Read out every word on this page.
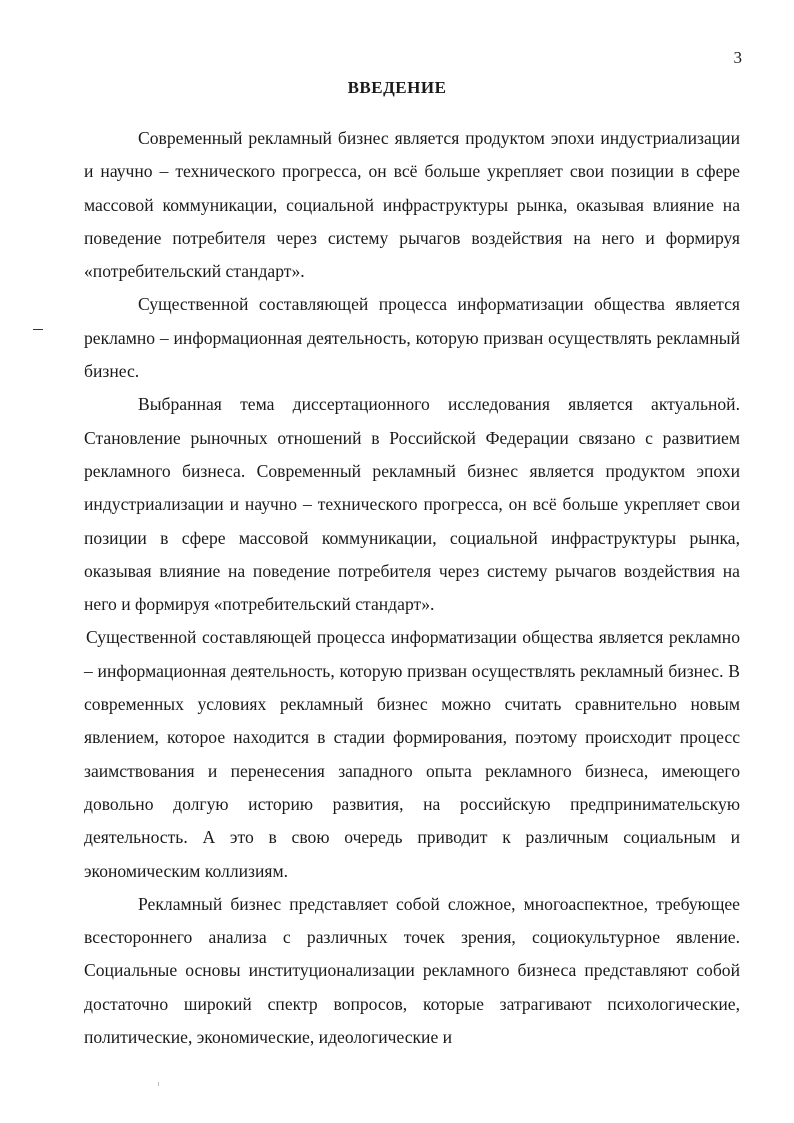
3
ВВЕДЕНИЕ

Современный рекламный бизнес является продуктом эпохи индустриализации и научно – технического прогресса, он всё больше укрепляет свои позиции в сфере массовой коммуникации, социальной инфраструктуры рынка, оказывая влияние на поведение потребителя через систему рычагов воздействия на него и формируя «потребительский стандарт».

Существенной составляющей процесса информатизации общества является рекламно – информационная деятельность, которую призван осуществлять рекламный бизнес.

Выбранная тема диссертационного исследования является актуальной. Становление рыночных отношений в Российской Федерации связано с развитием рекламного бизнеса. Современный рекламный бизнес является продуктом эпохи индустриализации и научно – технического прогресса, он всё больше укрепляет свои позиции в сфере массовой коммуникации, социальной инфраструктуры рынка, оказывая влияние на поведение потребителя через систему рычагов воздействия на него и формируя «потребительский стандарт».

Существенной составляющей процесса информатизации общества является рекламно – информационная деятельность, которую призван осуществлять рекламный бизнес. В современных условиях рекламный бизнес можно считать сравнительно новым явлением, которое находится в стадии формирования, поэтому происходит процесс заимствования и перенесения западного опыта рекламного бизнеса, имеющего довольно долгую историю развития, на российскую предпринимательскую деятельность. А это в свою очередь приводит к различным социальным и экономическим коллизиям.

Рекламный бизнес представляет собой сложное, многоаспектное, требующее всестороннего анализа с различных точек зрения, социокультурное явление. Социальные основы институционализации рекламного бизнеса представляют собой достаточно широкий спектр вопросов, которые затрагивают психологические, политические, экономические, идеологические и
